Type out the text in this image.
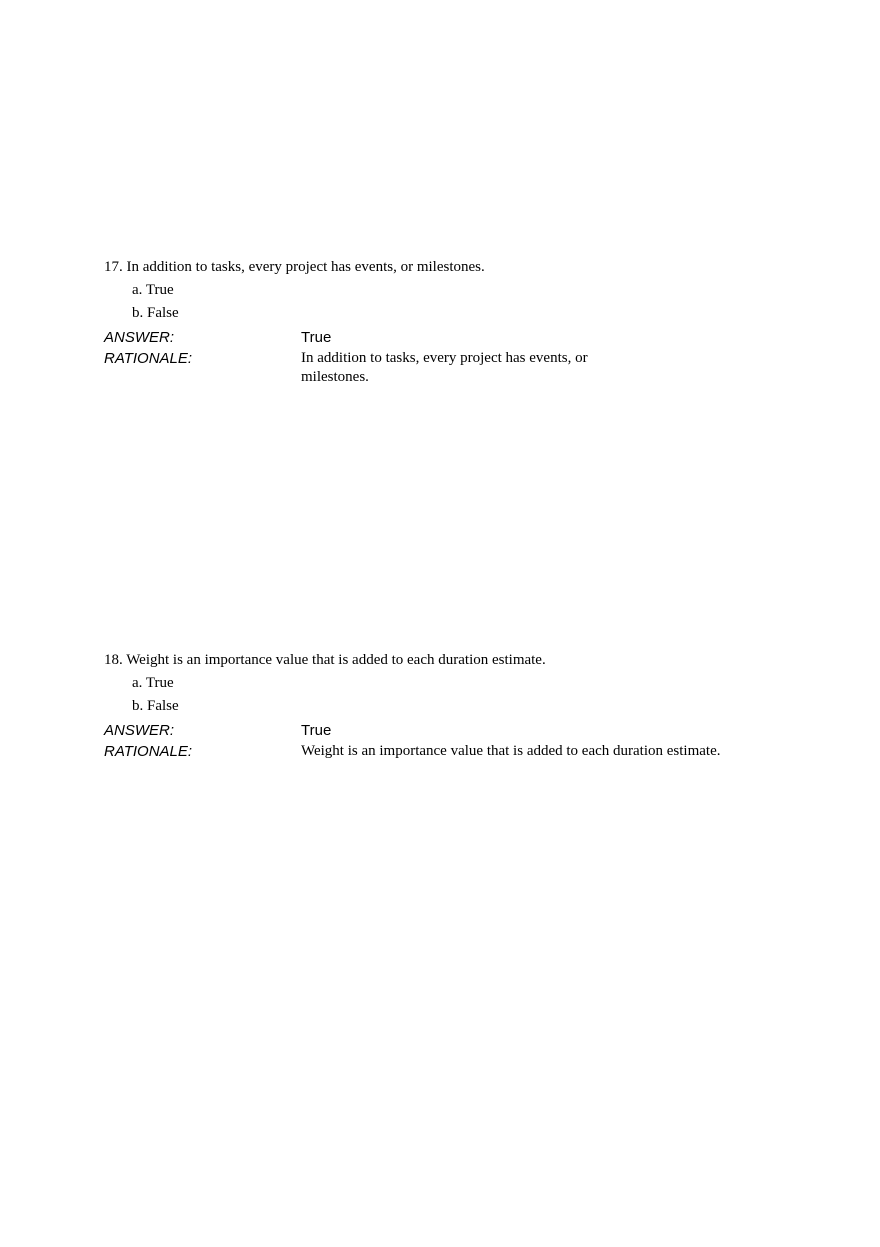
17. In addition to tasks, every project has events, or milestones.
a. True
b. False
ANSWER:	True
RATIONALE:	In addition to tasks, every project has events, or milestones.
18. Weight is an importance value that is added to each duration estimate.
a. True
b. False
ANSWER:	True
RATIONALE:	Weight is an importance value that is added to each duration estimate.
